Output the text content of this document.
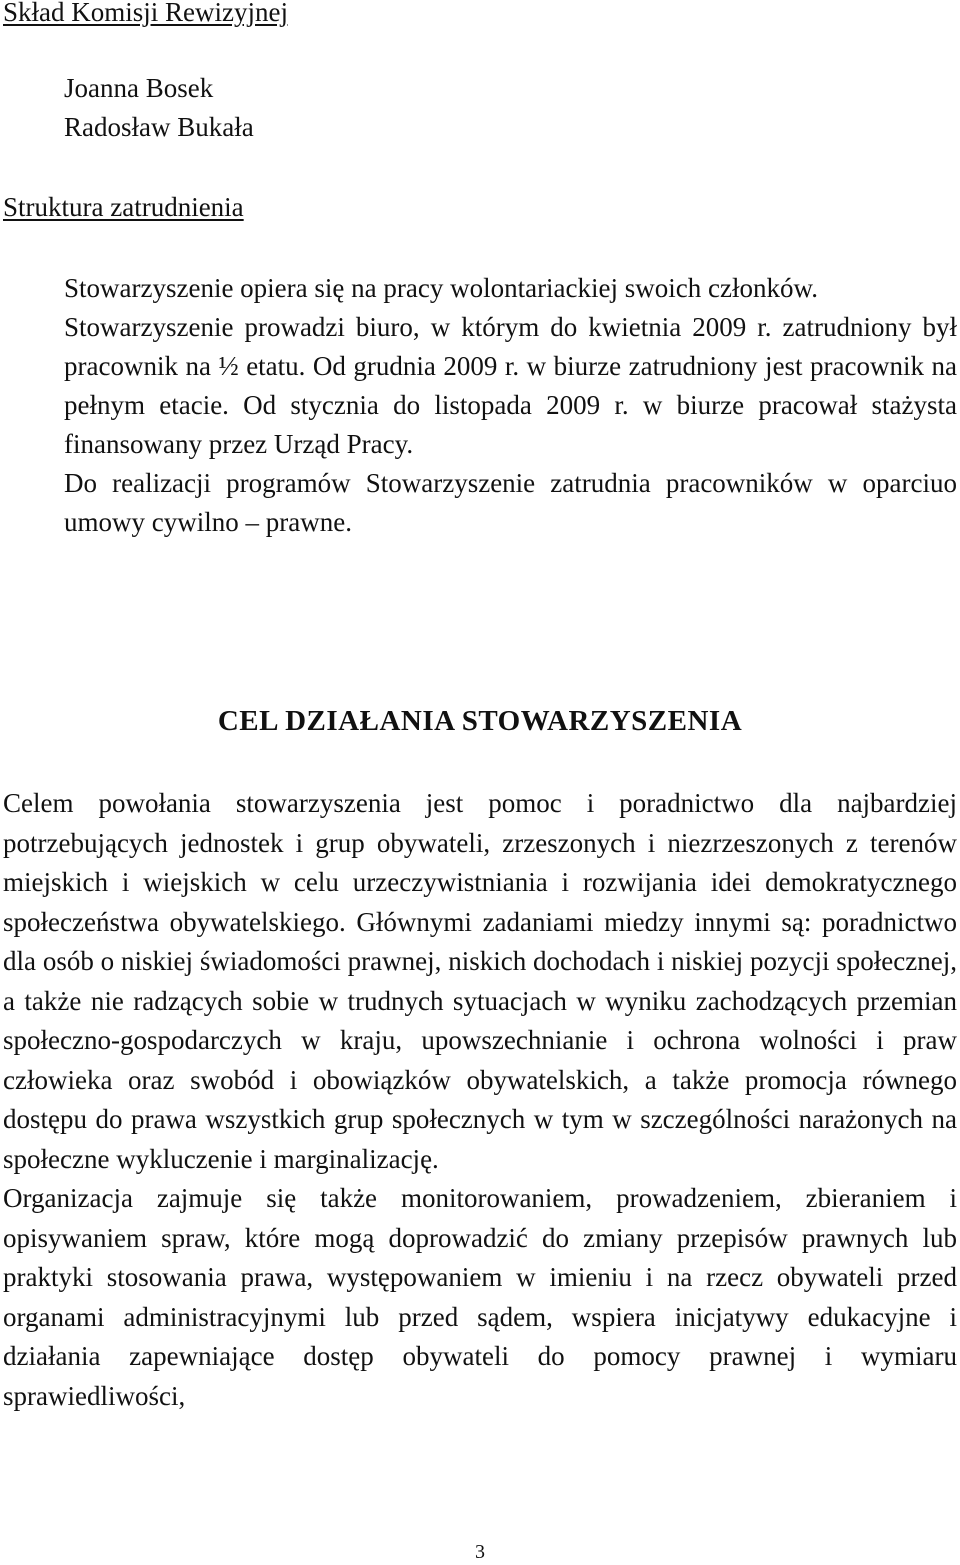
Skład Komisji Rewizyjnej
Joanna Bosek
Radosław Bukała
Struktura zatrudnienia

Stowarzyszenie opiera się na pracy wolontariackiej swoich członków.

Stowarzyszenie prowadzi biuro, w którym do kwietnia 2009 r. zatrudniony był pracownik na ½ etatu. Od grudnia 2009 r. w biurze zatrudniony jest pracownik na pełnym etacie. Od stycznia do listopada 2009 r. w biurze pracował stażysta finansowany przez Urząd Pracy.

Do realizacji programów Stowarzyszenie zatrudnia pracowników w oparciuo umowy cywilno – prawne.

CEL DZIAŁANIA STOWARZYSZENIA

Celem powołania stowarzyszenia jest pomoc i poradnictwo dla najbardziej potrzebujących jednostek i grup obywateli, zrzeszonych i niezrzeszonych z terenów miejskich i wiejskich w celu urzeczywistniania i rozwijania idei demokratycznego społeczeństwa obywatelskiego. Głównymi zadaniami miedzy innymi są: poradnictwo dla osób o niskiej świadomości prawnej, niskich dochodach i niskiej pozycji społecznej, a także nie radzących sobie w trudnych sytuacjach w wyniku zachodzących przemian społeczno-gospodarczych w kraju, upowszechnianie i ochrona wolności i praw człowieka oraz swobód i obowiązków obywatelskich, a także promocja równego dostępu do prawa wszystkich grup społecznych w tym w szczególności narażonych na społeczne wykluczenie i marginalizację.

Organizacja zajmuje się także monitorowaniem, prowadzeniem, zbieraniem i opisywaniem spraw, które mogą doprowadzić do zmiany przepisów prawnych lub praktyki stosowania prawa, występowaniem w imieniu i na rzecz obywateli przed organami administracyjnymi lub przed sądem, wspiera inicjatywy edukacyjne i działania zapewniające dostęp obywateli do pomocy prawnej i wymiaru sprawiedliwości,

3
